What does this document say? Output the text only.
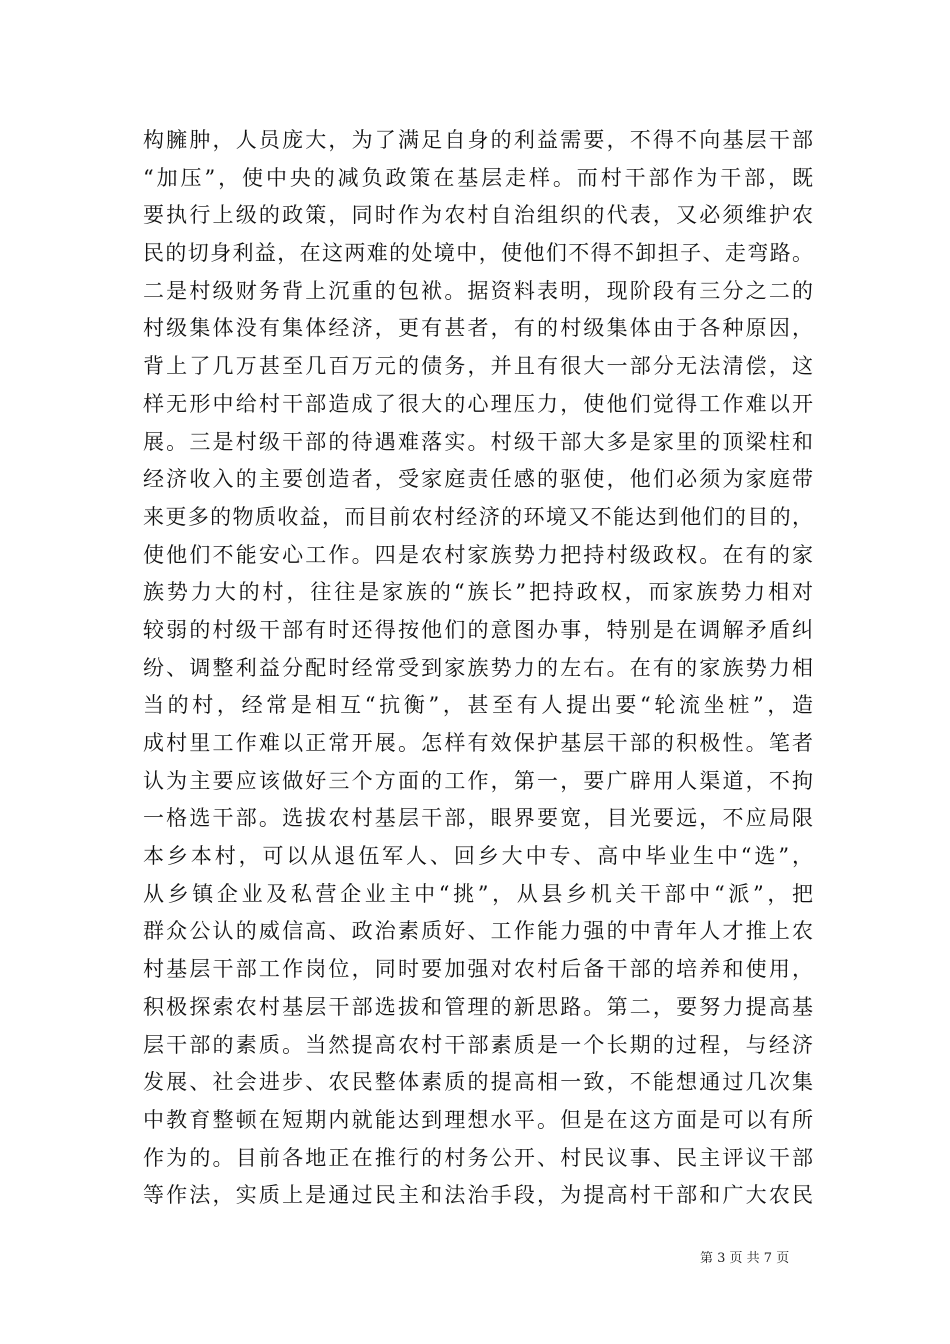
构臃肿，人员庞大，为了满足自身的利益需要，不得不向基层干部
“加压”，使中央的减负政策在基层走样。而村干部作为干部，既
要执行上级的政策，同时作为农村自治组织的代表，又必须维护农
民的切身利益，在这两难的处境中，使他们不得不卸担子、走弯路。
二是村级财务背上沉重的包袱。据资料表明，现阶段有三分之二的
村级集体没有集体经济，更有甚者，有的村级集体由于各种原因，
背上了几万甚至几百万元的债务，并且有很大一部分无法清偿，这
样无形中给村干部造成了很大的心理压力，使他们觉得工作难以开
展。三是村级干部的待遇难落实。村级干部大多是家里的顶梁柱和
经济收入的主要创造者，受家庭责任感的驱使，他们必须为家庭带
来更多的物质收益，而目前农村经济的环境又不能达到他们的目的，
使他们不能安心工作。四是农村家族势力把持村级政权。在有的家
族势力大的村，往往是家族的“族长”把持政权，而家族势力相对
较弱的村级干部有时还得按他们的意图办事，特别是在调解矛盾纠
纷、调整利益分配时经常受到家族势力的左右。在有的家族势力相
当的村，经常是相互“抗衡”，甚至有人提出要“轮流坐桩”，造
成村里工作难以正常开展。怎样有效保护基层干部的积极性。笔者
认为主要应该做好三个方面的工作，第一，要广辟用人渠道，不拘
一格选干部。选拔农村基层干部，眼界要宽，目光要远，不应局限
本乡本村，可以从退伍军人、回乡大中专、高中毕业生中“选”，
从乡镇企业及私营企业主中“挑”，从县乡机关干部中“派”，把
群众公认的威信高、政治素质好、工作能力强的中青年人才推上农
村基层干部工作岗位，同时要加强对农村后备干部的培养和使用，
积极探索农村基层干部选拔和管理的新思路。第二，要努力提高基
层干部的素质。当然提高农村干部素质是一个长期的过程，与经济
发展、社会进步、农民整体素质的提高相一致，不能想通过几次集
中教育整顿在短期内就能达到理想水平。但是在这方面是可以有所
作为的。目前各地正在推行的村务公开、村民议事、民主评议干部
等作法，实质上是通过民主和法治手段，为提高村干部和广大农民
第 3 页 共 7 页
